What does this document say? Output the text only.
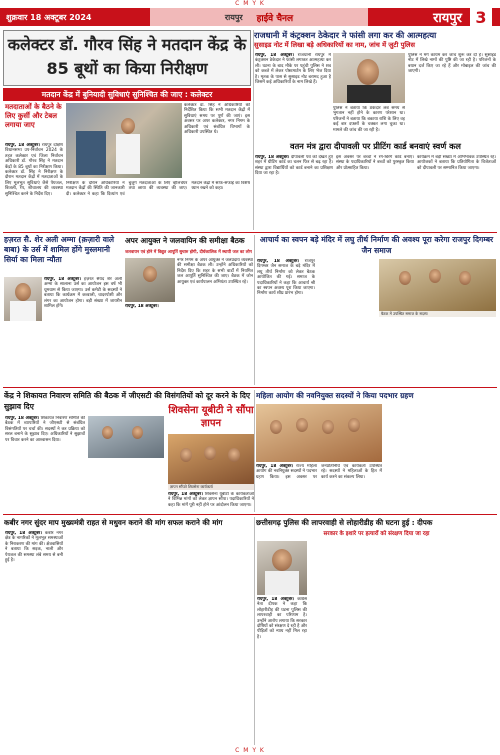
C M Y K
C M Y K
शुक्रवार 18 अक्टूबर 2024	रायपुर हाईवे चैनल	रायपुर 3
कलेक्टर डॉ. गौरव सिंह ने मतदान केंद्र के 85 बूथों का किया निरीक्षण
मतदान केंद्र में बुनियादी सुविधाएं सुनिश्चित की जाए : कलेक्टर
मतदाताओं के बैठने के लिए कुर्सी और टेबल लगाया जाए

रायपुर, 18 अक्टूबर। रायपुर दक्षिण विधानसभा उप-निर्वाचन 2024 के तहत कलेक्टर एवं जिला निर्वाचन अधिकारी डॉ. गौरव सिंह ने मतदान केंद्रों के 85 बूथों का निरीक्षण किया। कलेक्टर डॉ. सिंह ने निरीक्षण के दौरान मतदान केंद्रों में मतदाताओं के लिए मूलभूत सुविधाएं जैसे पेयजल, बिजली, रैंप, शौचालय की व्यवस्था सुनिश्चित करने के निर्देश दिए।

कलेक्टर डॉ. सिंह ने अधिकारियों को निर्देशित किया कि सभी मतदान केंद्रों में सुविधाएं समय पर पूर्ण की जाएं। इस अवसर पर अपर कलेक्टर, नगर निगम के अधिकारी एवं संबंधित विभागों के अधिकारी उपस्थित थे।

निरीक्षण के दौरान अधिकारियों ने मतदान केंद्रों की स्थिति की जानकारी दी। कलेक्टर ने कहा कि दिव्यांग एवं बुजुर्ग मतदाताओं के लिए व्हीलचेयर तथा छाया की व्यवस्था की जाए। मतदान केंद्रों में साफ-सफाई का विशेष ध्यान रखने को कहा।

राजधानी में कंट्रक्शन ठेकेदार ने फांसी लगा कर की आत्महत्या
सुसाइड नोट में लिखा बड़े अधिकारियों का नाम, जांच में जुटी पुलिस

रायपुर, 18 अक्टूबर। राजधानी रायपुर में कंट्रक्शन ठेकेदार ने फांसी लगाकर आत्महत्या कर ली। घटना के बाद मौके पर पहुंची पुलिस ने शव को कब्जे में लेकर पोस्टमार्टम के लिए भेज दिया है। मृतक के पास से सुसाइड नोट बरामद हुआ है जिसमें कई अधिकारियों के नाम लिखे हैं।

पुलिस ने बताया कि ठेकेदार लंबे समय से भुगतान नहीं होने के कारण परेशान था। परिजनों ने बताया कि बकाया राशि के लिए वह कई बार दफ्तरों के चक्कर लगा चुका था। मामले की जांच की जा रही है।

पुलिस ने मर्ग कायम कर जांच शुरू कर दी है। सुसाइड नोट में लिखे नामों की पुष्टि की जा रही है। परिजनों के बयान दर्ज किए जा रहे हैं और मोबाइल की जांच की जाएगी।

वतन मंत्र द्वारा दीपावली पर प्रीटिंग कार्ड बनवाएं स्वर्ण कल

रायपुर, 18 अक्टूबर। दीपावली पर्व को देखते हुए शहर में ग्रीटिंग कार्ड का चलन फिर से बढ़ रहा है। संस्था द्वारा विद्यार्थियों को कार्ड बनाने का प्रशिक्षण दिया जा रहा है।

इस अवसर पर बच्चों ने रंग-बिरंगे कार्ड बनाए। संस्था के पदाधिकारियों ने बच्चों को पुरस्कृत किया और प्रोत्साहित किया।

कार्यक्रम में बड़ी संख्या में अभिभावक उपस्थित रहे। आयोजकों ने बताया कि प्रतियोगिता के विजेताओं को दीपावली पर सम्मानित किया जाएगा।

हज़रत सै. शेर अली अम्मा (क़ज़ारी वाले बाबा) के उर्स में शामिल होंगे मुस्लमानी सिर्या का मिला न्यौता

रायपुर, 18 अक्टूबर। हज़रत सैयद शेर अली अम्मा के सालाना उर्स का आयोजन इस वर्ष भी धूमधाम से किया जाएगा। उर्स कमेटी के सदस्यों ने बताया कि कार्यक्रम में कव्वाली, चादरपोशी और लंगर का आयोजन होगा। बड़ी संख्या में जायरीन शामिल होंगे।

अपर आयुक्त ने जलवायिन की समीक्षा बैठक
जलवायन एवं होने में विद्युत आपूर्ति सुचारु होगी, दीर्घकालिक में स्थायी जल का लोग

नगर निगम के अपर आयुक्त ने जलप्रदाय व्यवस्था की समीक्षा बैठक ली। उन्होंने अधिकारियों को निर्देश दिए कि शहर के सभी वार्डों में नियमित जल आपूर्ति सुनिश्चित की जाए। बैठक में जोन आयुक्त एवं कार्यपालन अभियंता उपस्थित रहे।

रायपुर, 18 अक्टूबर।

आचार्य का स्वपन बड़े मंदिर में लघु तीर्थ निर्माण की अवश्य पूरा करेगा राजपुर दिगम्बर जैन समाज

रायपुर, 18 अक्टूबर। राजपुर दिगम्बर जैन समाज के बड़े मंदिर में लघु तीर्थ निर्माण को लेकर बैठक आयोजित की गई। समाज के पदाधिकारियों ने कहा कि आचार्य श्री का स्वपन अवश्य पूरा किया जाएगा। निर्माण कार्य शीघ्र प्रारंभ होगा।

बैठक में उपस्थित समाज के सदस्य
केंद्र ने शिकायत निवारण समिति की बैठक में जीएसटी की विसंगतियों को दूर करने के दिए सुझाव दिए

रायपुर, 18 अक्टूबर। शिकायत निवारण समिति की बैठक में व्यापारियों ने जीएसटी से संबंधित विसंगतियों पर चर्चा की। सदस्यों ने कर प्रक्रिया को सरल बनाने के सुझाव दिए। अधिकारियों ने सुझावों पर विचार करने का आश्वासन दिया।

शिवसेना यूबीटी ने सौंपा ज्ञापन
ज्ञापन सौंपते शिवसेना कार्यकर्ता

रायपुर, 18 अक्टूबर। शिवसेना यूबीटी के कार्यकर्ताओं ने विभिन्न मांगों को लेकर ज्ञापन सौंपा। पदाधिकारियों ने कहा कि मांगें पूरी नहीं होने पर आंदोलन किया जाएगा।

महिला आयोग की नवनियुक्त सदस्यों ने किया पदभार ग्रहण

रायपुर, 18 अक्टूबर। राज्य महिला आयोग की नवनियुक्त सदस्यों ने पदभार ग्रहण किया। इस अवसर पर जनप्रतिनिधि एवं कार्यकर्ता उपस्थित रहे। सदस्यों ने महिलाओं के हित में कार्य करने का संकल्प लिया।

कबीर नगर सुंदर माप मुख्यमंत्री राहत से मधुवन कराने की मांग सफल कराने की मांग

रायपुर, 18 अक्टूबर। कबीर नगर क्षेत्र के नागरिकों ने मूलभूत समस्याओं के निराकरण की मांग की। क्षेत्रवासियों ने बताया कि सड़क, नाली और पेयजल की समस्या लंबे समय से बनी हुई है।

छत्तीसगढ़ पुलिस की लापरवाही से लोहारीडीह की घटना हुई : दीपक
सरकार के इशारे पर हत्यारों को संरक्षण दिया जा रहा

रायपुर, 18 अक्टूबर। कांग्रेस नेता दीपक ने कहा कि लोहारीडीह की घटना पुलिस की लापरवाही का परिणाम है। उन्होंने आरोप लगाया कि सरकार दोषियों को संरक्षण दे रही है और पीड़ितों को न्याय नहीं मिल रहा है।
